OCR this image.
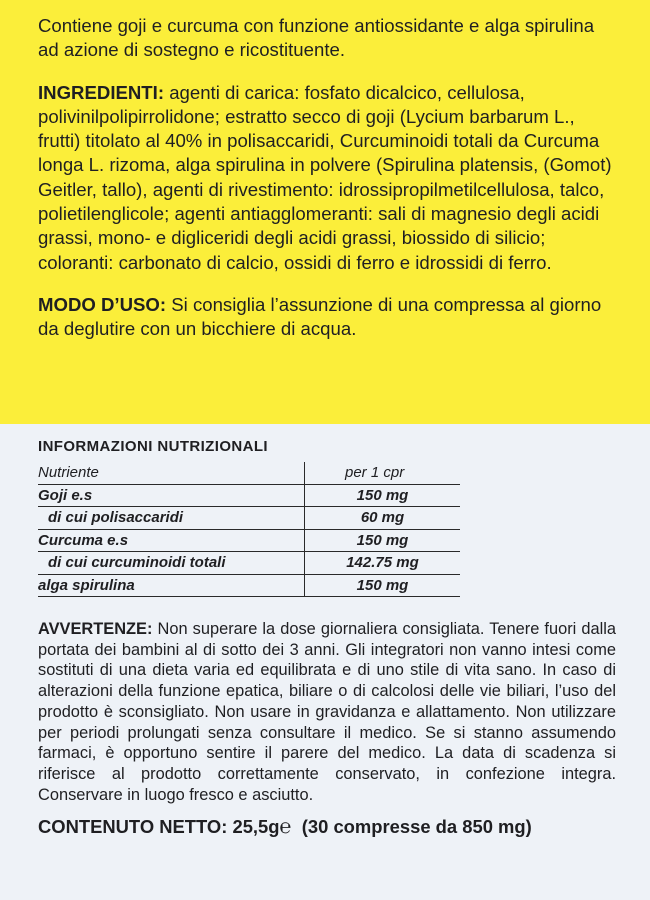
Contiene goji e curcuma con funzione antiossidante e alga spirulina ad azione di sostegno e ricostituente.

INGREDIENTI: agenti di carica: fosfato dicalcico, cellulosa, polivinilpolipirrolidone; estratto secco di goji (Lycium barbarum L., frutti) titolato al 40% in polisaccaridi, Curcuminoidi totali da Curcuma longa L. rizoma, alga spirulina in polvere (Spirulina platensis, (Gomot) Geitler, tallo), agenti di rivestimento: idrossipropilmetilcellulosa, talco, polietilenglicole; agenti antiagglomeranti: sali di magnesio degli acidi grassi, mono- e digliceridi degli acidi grassi, biossido di silicio; coloranti: carbonato di calcio, ossidi di ferro e idrossidi di ferro.

MODO D’USO: Si consiglia l’assunzione di una compressa al giorno da deglutire con un bicchiere di acqua.

INFORMAZIONI NUTRIZIONALI
Nutriente	per 1 cpr
Goji e.s	150 mg
di cui polisaccaridi	60 mg
Curcuma e.s	150 mg
di cui curcuminoidi totali	142.75 mg
alga spirulina	150 mg

AVVERTENZE: Non superare la dose giornaliera consigliata. Tenere fuori dalla portata dei bambini al di sotto dei 3 anni. Gli integratori non vanno intesi come sostituti di una dieta varia ed equilibrata e di uno stile di vita sano. In caso di alterazioni della funzione epatica, biliare o di calcolosi delle vie biliari, l’uso del prodotto è sconsigliato. Non usare in gravidanza e allattamento. Non utilizzare per periodi prolungati senza consultare il medico. Se si stanno assumendo farmaci, è opportuno sentire il parere del medico. La data di scadenza si riferisce al prodotto correttamente conservato, in confezione integra. Conservare in luogo fresco e asciutto.

CONTENUTO NETTO: 25,5g℮ (30 compresse da 850 mg)
